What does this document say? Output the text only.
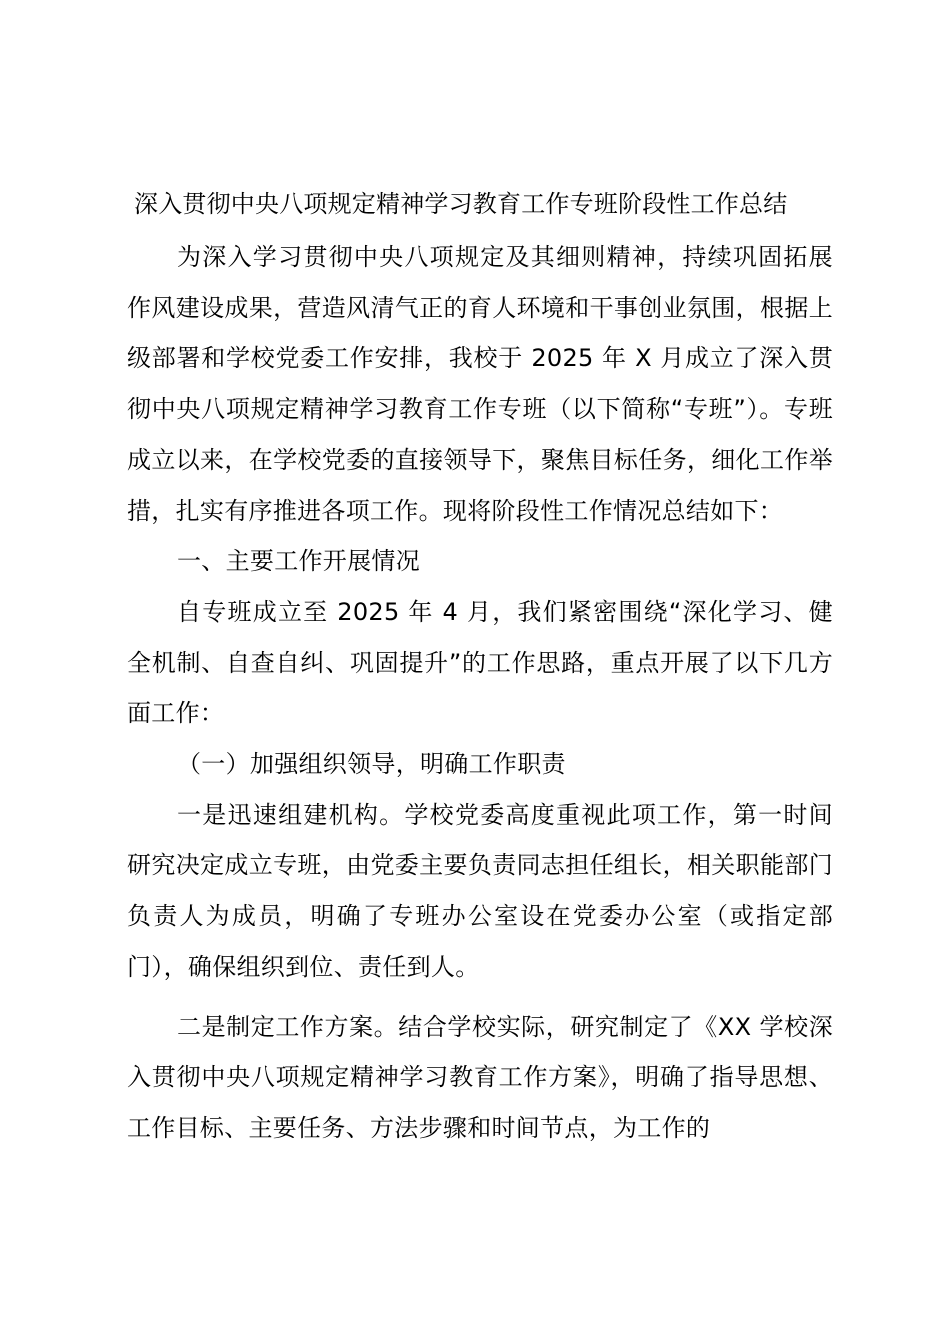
深入贯彻中央八项规定精神学习教育工作专班阶段性工作总结

为深入学习贯彻中央八项规定及其细则精神，持续巩固拓展作风建设成果，营造风清气正的育人环境和干事创业氛围，根据上级部署和学校党委工作安排，我校于 2025 年 X 月成立了深入贯彻中央八项规定精神学习教育工作专班（以下简称“专班”）。专班成立以来，在学校党委的直接领导下，聚焦目标任务，细化工作举措，扎实有序推进各项工作。现将阶段性工作情况总结如下：

一、主要工作开展情况

自专班成立至 2025 年 4 月，我们紧密围绕“深化学习、健全机制、自查自纠、巩固提升”的工作思路，重点开展了以下几方面工作：

（一）加强组织领导，明确工作职责

一是迅速组建机构。学校党委高度重视此项工作，第一时间研究决定成立专班，由党委主要负责同志担任组长，相关职能部门负责人为成员，明确了专班办公室设在党委办公室（或指定部门），确保组织到位、责任到人。

二是制定工作方案。结合学校实际，研究制定了《XX 学校深入贯彻中央八项规定精神学习教育工作方案》，明确了指导思想、工作目标、主要任务、方法步骤和时间节点，为工作的
